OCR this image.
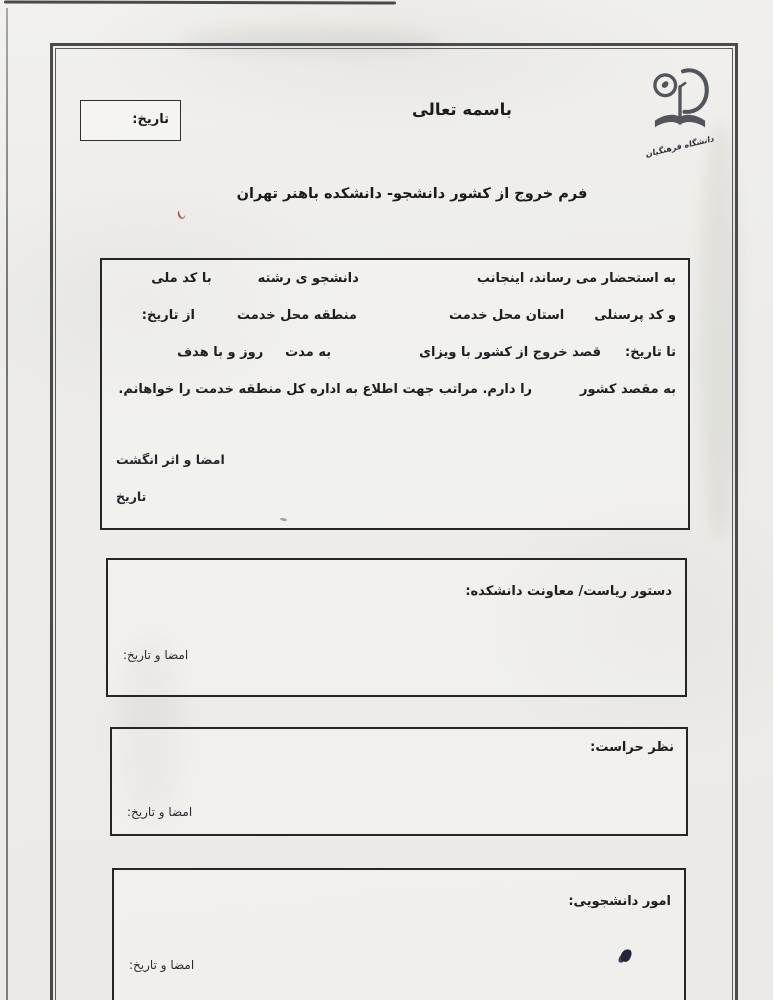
دانشگاه فرهنگیان
باسمه تعالی
تاریخ:
فرم خروج از کشور دانشجو- دانشکده باهنر تهران
به استحضار می رساند، اینجانب
دانشجو ی رشته
با کد ملی
و کد پرسنلی
استان محل خدمت
منطقه محل خدمت
از تاریخ:
تا تاریخ:
قصد خروج از کشور با ویزای
به مدت
روز و با هدف
به مقصد کشور
را دارم. مراتب جهت اطلاع به اداره کل منطقه خدمت را خواهانم.
امضا و اثر انگشت
تاریخ
دستور ریاست/ معاونت دانشکده:
امضا و تاریخ:
نظر حراست:
امضا و تاریخ:
امور دانشجویی:
امضا و تاریخ:
